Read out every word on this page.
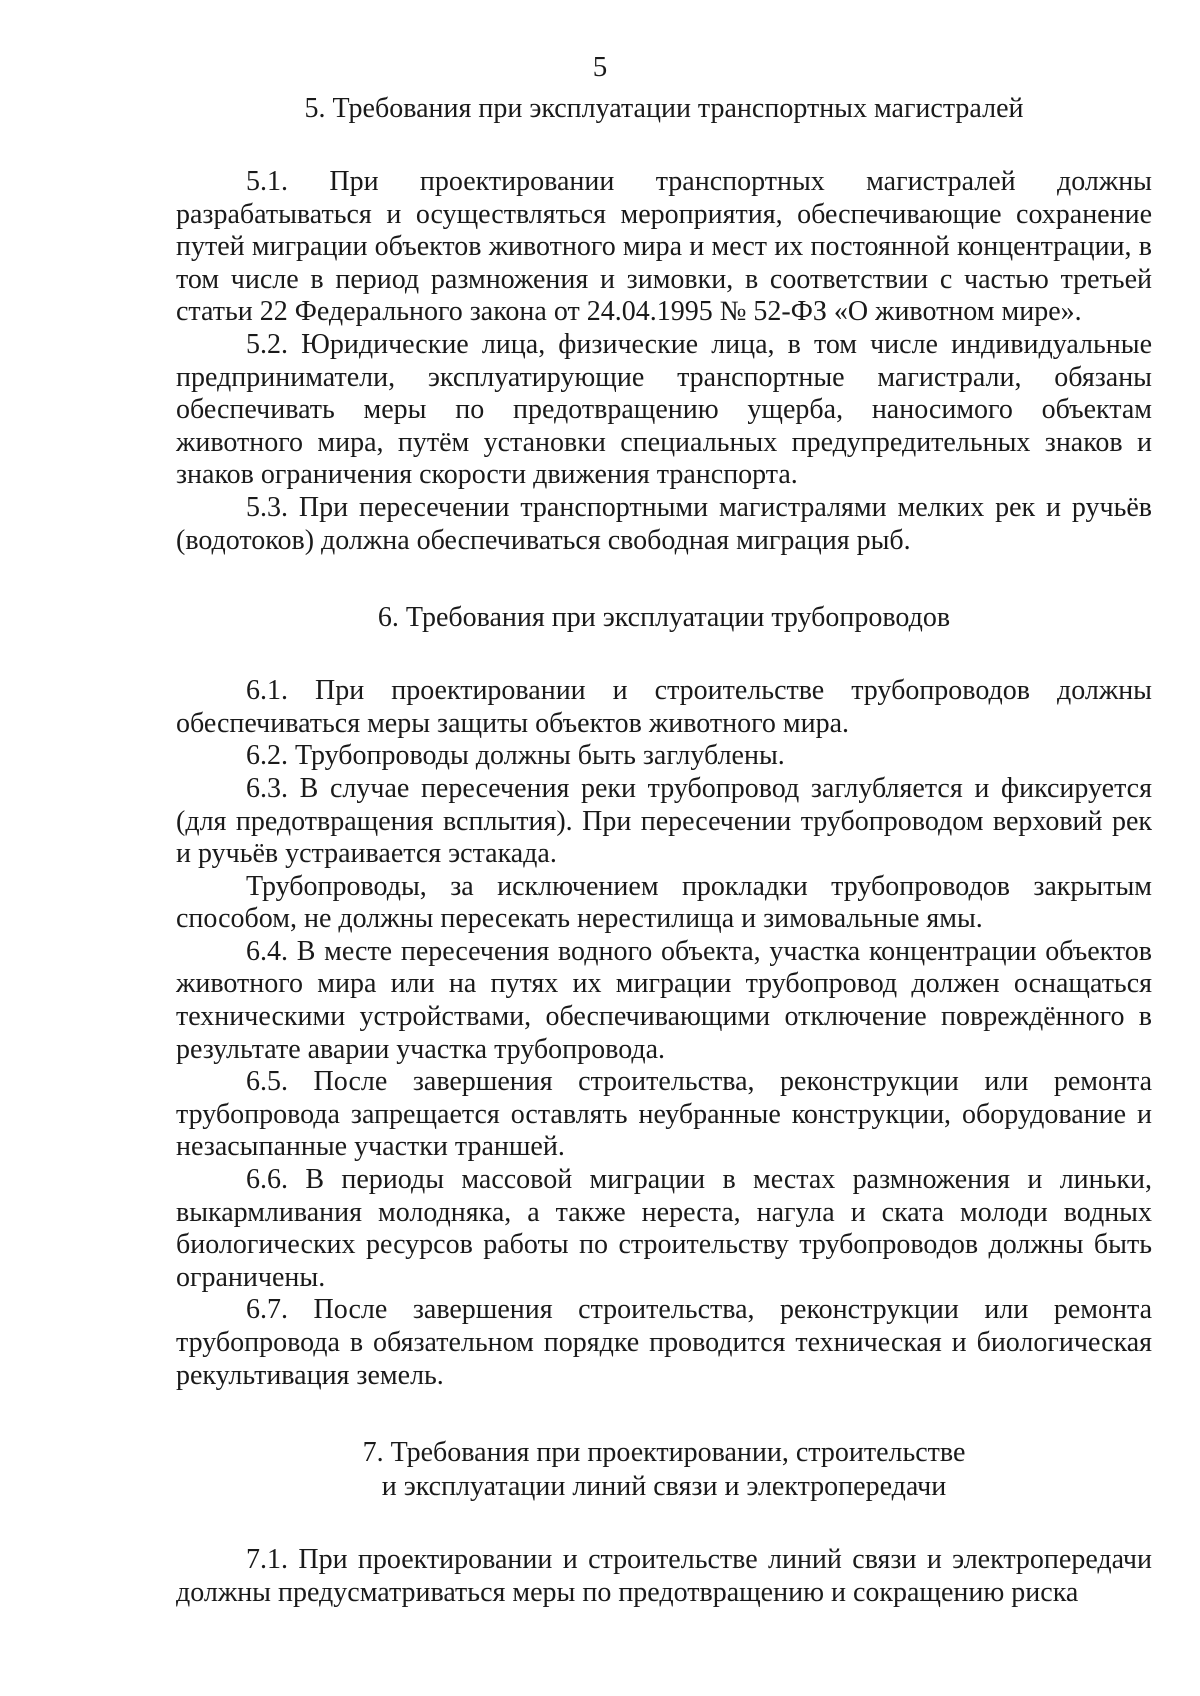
5

5. Требования при эксплуатации транспортных магистралей

5.1. При проектировании транспортных магистралей должны разрабатываться и осуществляться мероприятия, обеспечивающие сохранение путей миграции объектов животного мира и мест их постоянной концентрации, в том числе в период размножения и зимовки, в соответствии с частью третьей статьи 22 Федерального закона от 24.04.1995 № 52-ФЗ «О животном мире».

5.2. Юридические лица, физические лица, в том числе индивидуальные предприниматели, эксплуатирующие транспортные магистрали, обязаны обеспечивать меры по предотвращению ущерба, наносимого объектам животного мира, путём установки специальных предупредительных знаков и знаков ограничения скорости движения транспорта.

5.3. При пересечении транспортными магистралями мелких рек и ручьёв (водотоков) должна обеспечиваться свободная миграция рыб.

6. Требования при эксплуатации трубопроводов

6.1. При проектировании и строительстве трубопроводов должны обеспечиваться меры защиты объектов животного мира.

6.2. Трубопроводы должны быть заглублены.

6.3. В случае пересечения реки трубопровод заглубляется и фиксируется (для предотвращения всплытия). При пересечении трубопроводом верховий рек и ручьёв устраивается эстакада.

Трубопроводы, за исключением прокладки трубопроводов закрытым способом, не должны пересекать нерестилища и зимовальные ямы.

6.4. В месте пересечения водного объекта, участка концентрации объектов животного мира или на путях их миграции трубопровод должен оснащаться техническими устройствами, обеспечивающими отключение повреждённого в результате аварии участка трубопровода.

6.5. После завершения строительства, реконструкции или ремонта трубопровода запрещается оставлять неубранные конструкции, оборудование и незасыпанные участки траншей.

6.6. В периоды массовой миграции в местах размножения и линьки, выкармливания молодняка, а также нереста, нагула и ската молоди водных биологических ресурсов работы по строительству трубопроводов должны быть ограничены.

6.7. После завершения строительства, реконструкции или ремонта трубопровода в обязательном порядке проводится техническая и биологическая рекультивация земель.

7. Требования при проектировании, строительстве
и эксплуатации линий связи и электропередачи

7.1. При проектировании и строительстве линий связи и электропередачи должны предусматриваться меры по предотвращению и сокращению риска
